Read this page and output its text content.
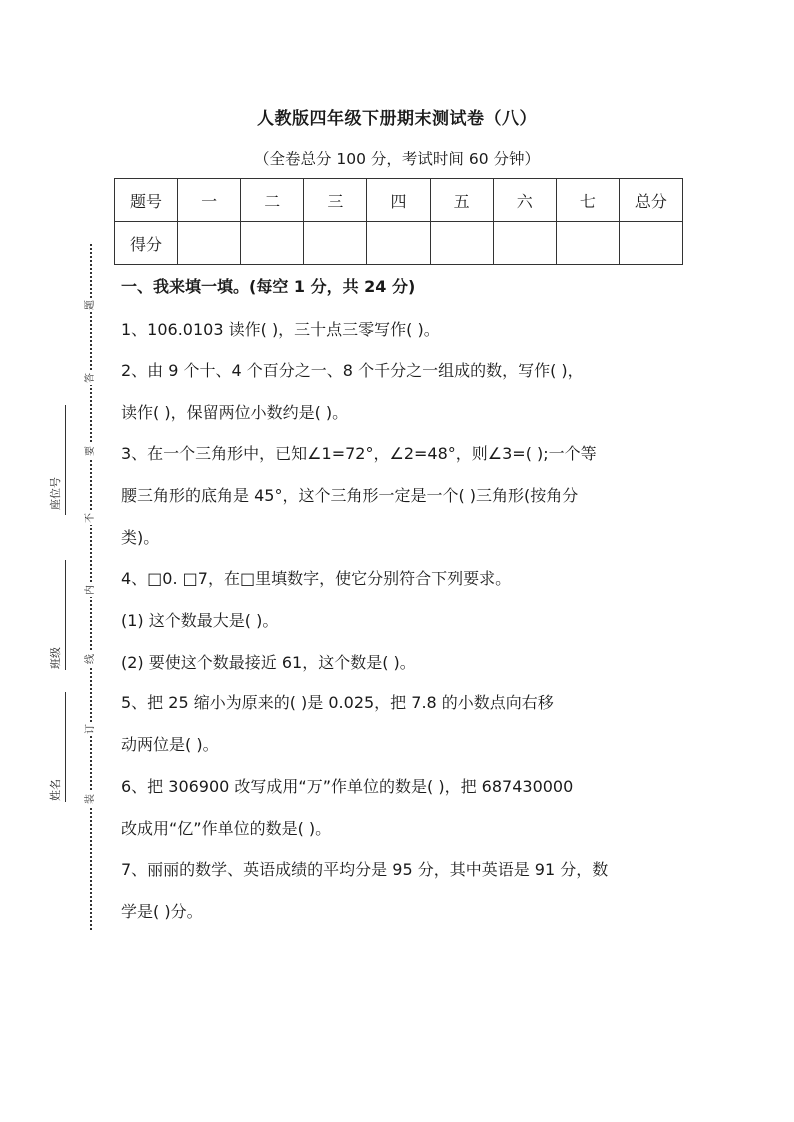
人教版四年级下册期末测试卷（八）
（全卷总分 100 分，考试时间 60 分钟）
题号	一	二	三	四	五	六	七	总分
得分								
题
答
要
不
内
线
订
装
座位号
班级
姓名
一、我来填一填。(每空 1 分，共 24 分)
1、106.0103 读作( )，三十点三零写作( )。
2、由 9 个十、4 个百分之一、8 个千分之一组成的数，写作( )，
读作( )，保留两位小数约是( )。
3、在一个三角形中，已知∠1=72°，∠2=48°，则∠3=( );一个等
腰三角形的底角是 45°，这个三角形一定是一个( )三角形(按角分
类)。
4、□0. □7，在□里填数字，使它分别符合下列要求。
(1) 这个数最大是( )。
(2) 要使这个数最接近 61，这个数是( )。
5、把 25 缩小为原来的( )是 0.025，把 7.8 的小数点向右移
动两位是( )。
6、把 306900 改写成用“万”作单位的数是( )，把 687430000
改成用“亿”作单位的数是( )。
7、丽丽的数学、英语成绩的平均分是 95 分，其中英语是 91 分，数
学是( )分。
